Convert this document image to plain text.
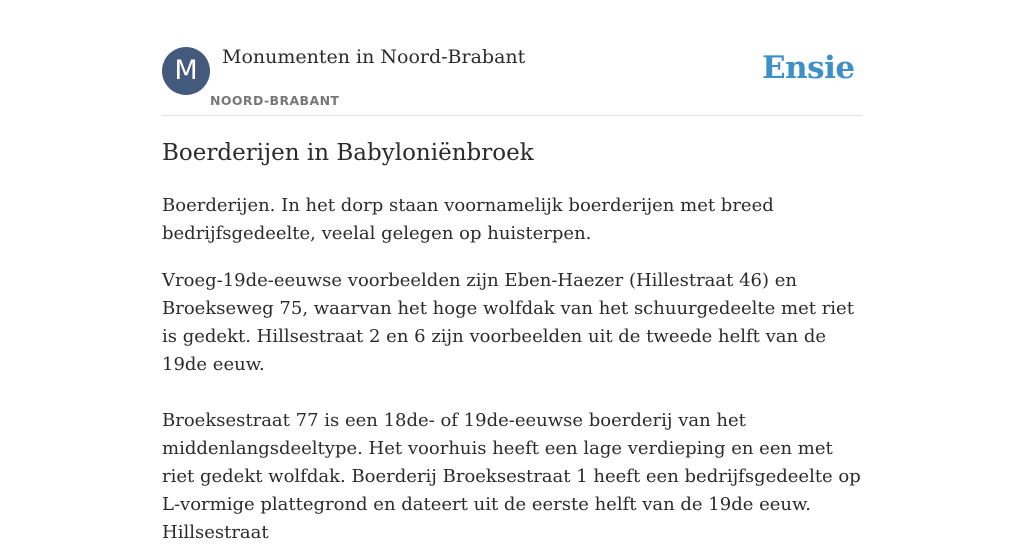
M	Monumenten in Noord-Brabant
NOORD-BRABANT
Ensie
Boerderijen in Babyloniënbroek

Boerderijen. In het dorp staan voornamelijk boerderijen met breed bedrijfsgedeelte, veelal gelegen op huisterpen.

Vroeg-19de-eeuwse voorbeelden zijn Eben-Haezer (Hillestraat 46) en Broekseweg 75, waarvan het hoge wolfdak van het schuurgedeelte met riet is gedekt. Hillsestraat 2 en 6 zijn voorbeelden uit de tweede helft van de 19de eeuw.

Broeksestraat 77 is een 18de- of 19de-eeuwse boerderij van het middenlangsdeeltype. Het voorhuis heeft een lage verdieping en een met riet gedekt wolfdak. Boerderij Broeksestraat 1 heeft een bedrijfsgedeelte op L-vormige plattegrond en dateert uit de eerste helft van de 19de eeuw. Hillsestraat
